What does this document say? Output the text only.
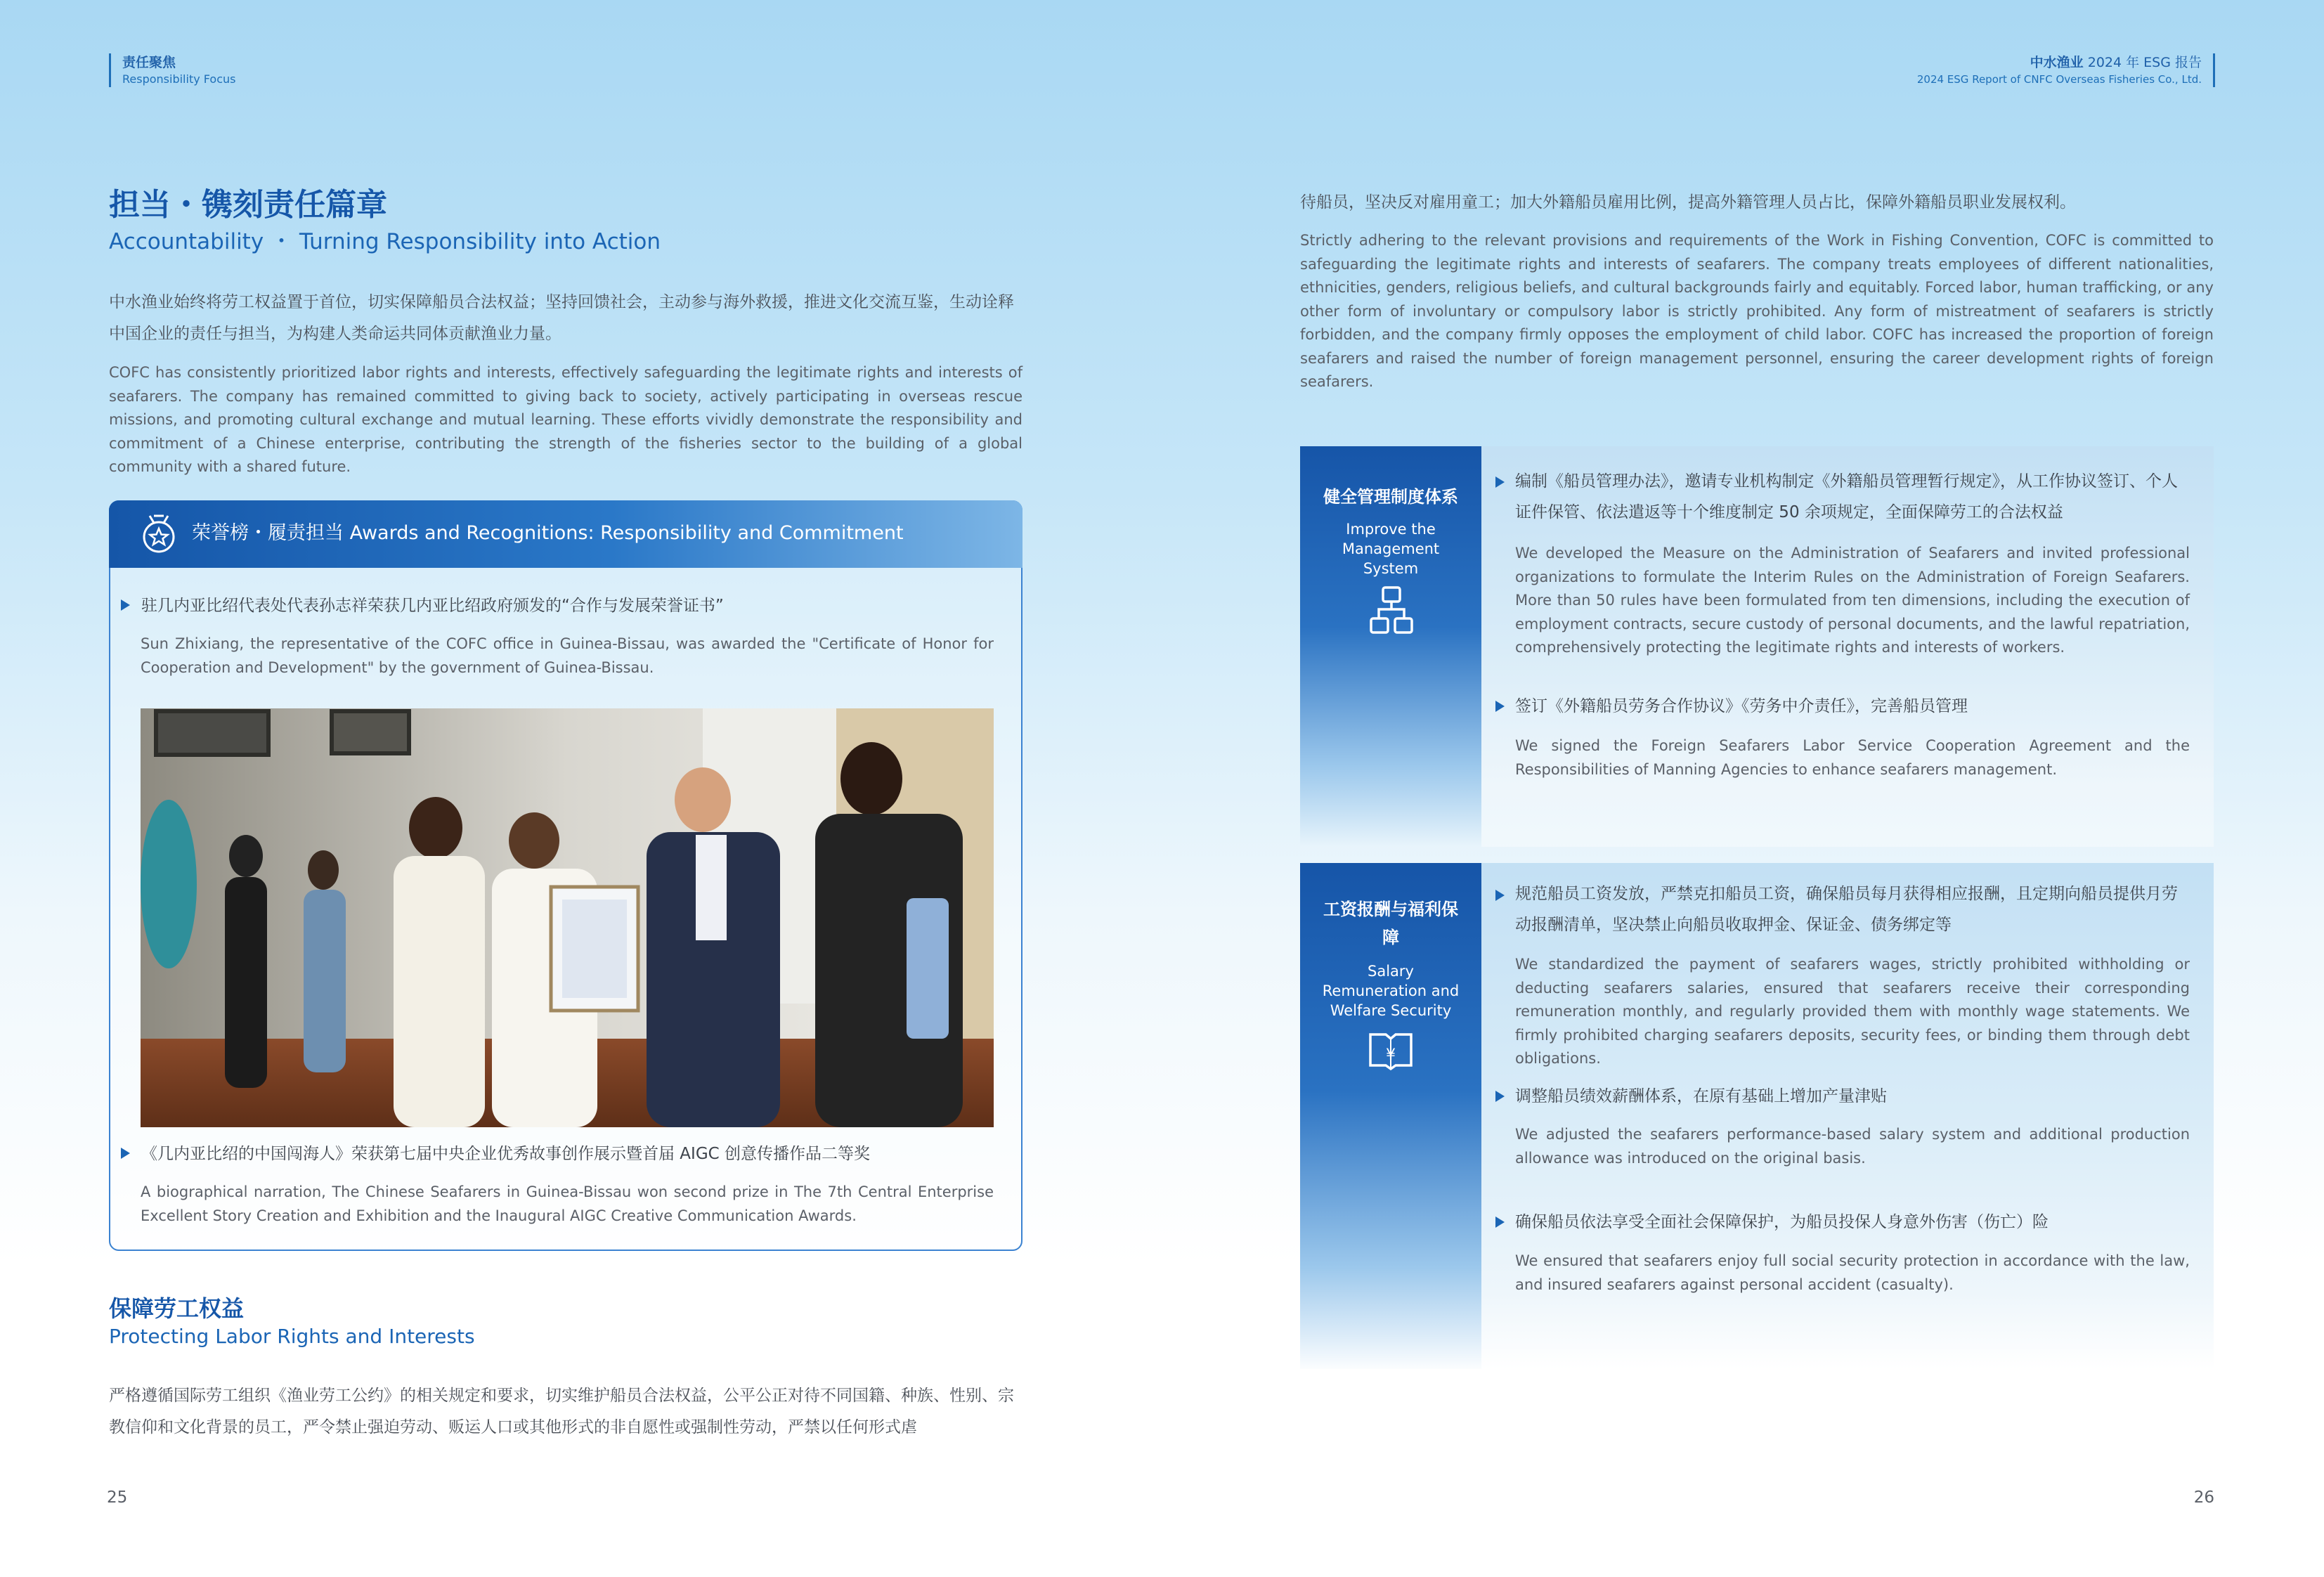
责任聚焦
Responsibility Focus
中水渔业 2024 年 ESG 报告
2024 ESG Report of CNFC Overseas Fisheries Co., Ltd.
担当・镌刻责任篇章
Accountability ・ Turning Responsibility into Action
中水渔业始终将劳工权益置于首位，切实保障船员合法权益；坚持回馈社会，主动参与海外救援，推进文化交流互鉴，生动诠释中国企业的责任与担当，为构建人类命运共同体贡献渔业力量。
COFC has consistently prioritized labor rights and interests, effectively safeguarding the legitimate rights and interests of seafarers. The company has remained committed to giving back to society, actively participating in overseas rescue missions, and promoting cultural exchange and mutual learning. These efforts vividly demonstrate the responsibility and commitment of a Chinese enterprise, contributing the strength of the fisheries sector to the building of a global community with a shared future.
荣誉榜・履责担当 Awards and Recognitions: Responsibility and Commitment
驻几内亚比绍代表处代表孙志祥荣获几内亚比绍政府颁发的“合作与发展荣誉证书”
Sun Zhixiang, the representative of the COFC office in Guinea-Bissau, was awarded the "Certificate of Honor for Cooperation and Development" by the government of Guinea-Bissau.
《几内亚比绍的中国闯海人》荣获第七届中央企业优秀故事创作展示暨首届 AIGC 创意传播作品二等奖
A biographical narration, The Chinese Seafarers in Guinea-Bissau won second prize in The 7th Central Enterprise Excellent Story Creation and Exhibition and the Inaugural AIGC Creative Communication Awards.
保障劳工权益
Protecting Labor Rights and Interests
严格遵循国际劳工组织《渔业劳工公约》的相关规定和要求，切实维护船员合法权益，公平公正对待不同国籍、种族、性别、宗教信仰和文化背景的员工，严令禁止强迫劳动、贩运人口或其他形式的非自愿性或强制性劳动，严禁以任何形式虐
待船员，坚决反对雇用童工；加大外籍船员雇用比例，提高外籍管理人员占比，保障外籍船员职业发展权利。
Strictly adhering to the relevant provisions and requirements of the Work in Fishing Convention, COFC is committed to safeguarding the legitimate rights and interests of seafarers. The company treats employees of different nationalities, ethnicities, genders, religious beliefs, and cultural backgrounds fairly and equitably. Forced labor, human trafficking, or any other form of involuntary or compulsory labor is strictly prohibited. Any form of mistreatment of seafarers is strictly forbidden, and the company firmly opposes the employment of child labor. COFC has increased the proportion of foreign seafarers and raised the number of foreign management personnel, ensuring the career development rights of foreign seafarers.
健全管理制度体系
Improve the Management System
编制《船员管理办法》，邀请专业机构制定《外籍船员管理暂行规定》，从工作协议签订、个人证件保管、依法遣返等十个维度制定 50 余项规定，全面保障劳工的合法权益
We developed the Measure on the Administration of Seafarers and invited professional organizations to formulate the Interim Rules on the Administration of Foreign Seafarers. More than 50 rules have been formulated from ten dimensions, including the execution of employment contracts, secure custody of personal documents, and the lawful repatriation, comprehensively protecting the legitimate rights and interests of workers.
签订《外籍船员劳务合作协议》《劳务中介责任》，完善船员管理
We signed the Foreign Seafarers Labor Service Cooperation Agreement and the Responsibilities of Manning Agencies to enhance seafarers management.
工资报酬与福利保障
Salary Remuneration and Welfare Security
¥
规范船员工资发放，严禁克扣船员工资，确保船员每月获得相应报酬，且定期向船员提供月劳动报酬清单，坚决禁止向船员收取押金、保证金、债务绑定等
We standardized the payment of seafarers wages, strictly prohibited withholding or deducting seafarers salaries, ensured that seafarers receive their corresponding remuneration monthly, and regularly provided them with monthly wage statements. We firmly prohibited charging seafarers deposits, security fees, or binding them through debt obligations.
调整船员绩效薪酬体系，在原有基础上增加产量津贴
We adjusted the seafarers performance-based salary system and additional production allowance was introduced on the original basis.
确保船员依法享受全面社会保障保护，为船员投保人身意外伤害（伤亡）险
We ensured that seafarers enjoy full social security protection in accordance with the law, and insured seafarers against personal accident (casualty).
25	26
